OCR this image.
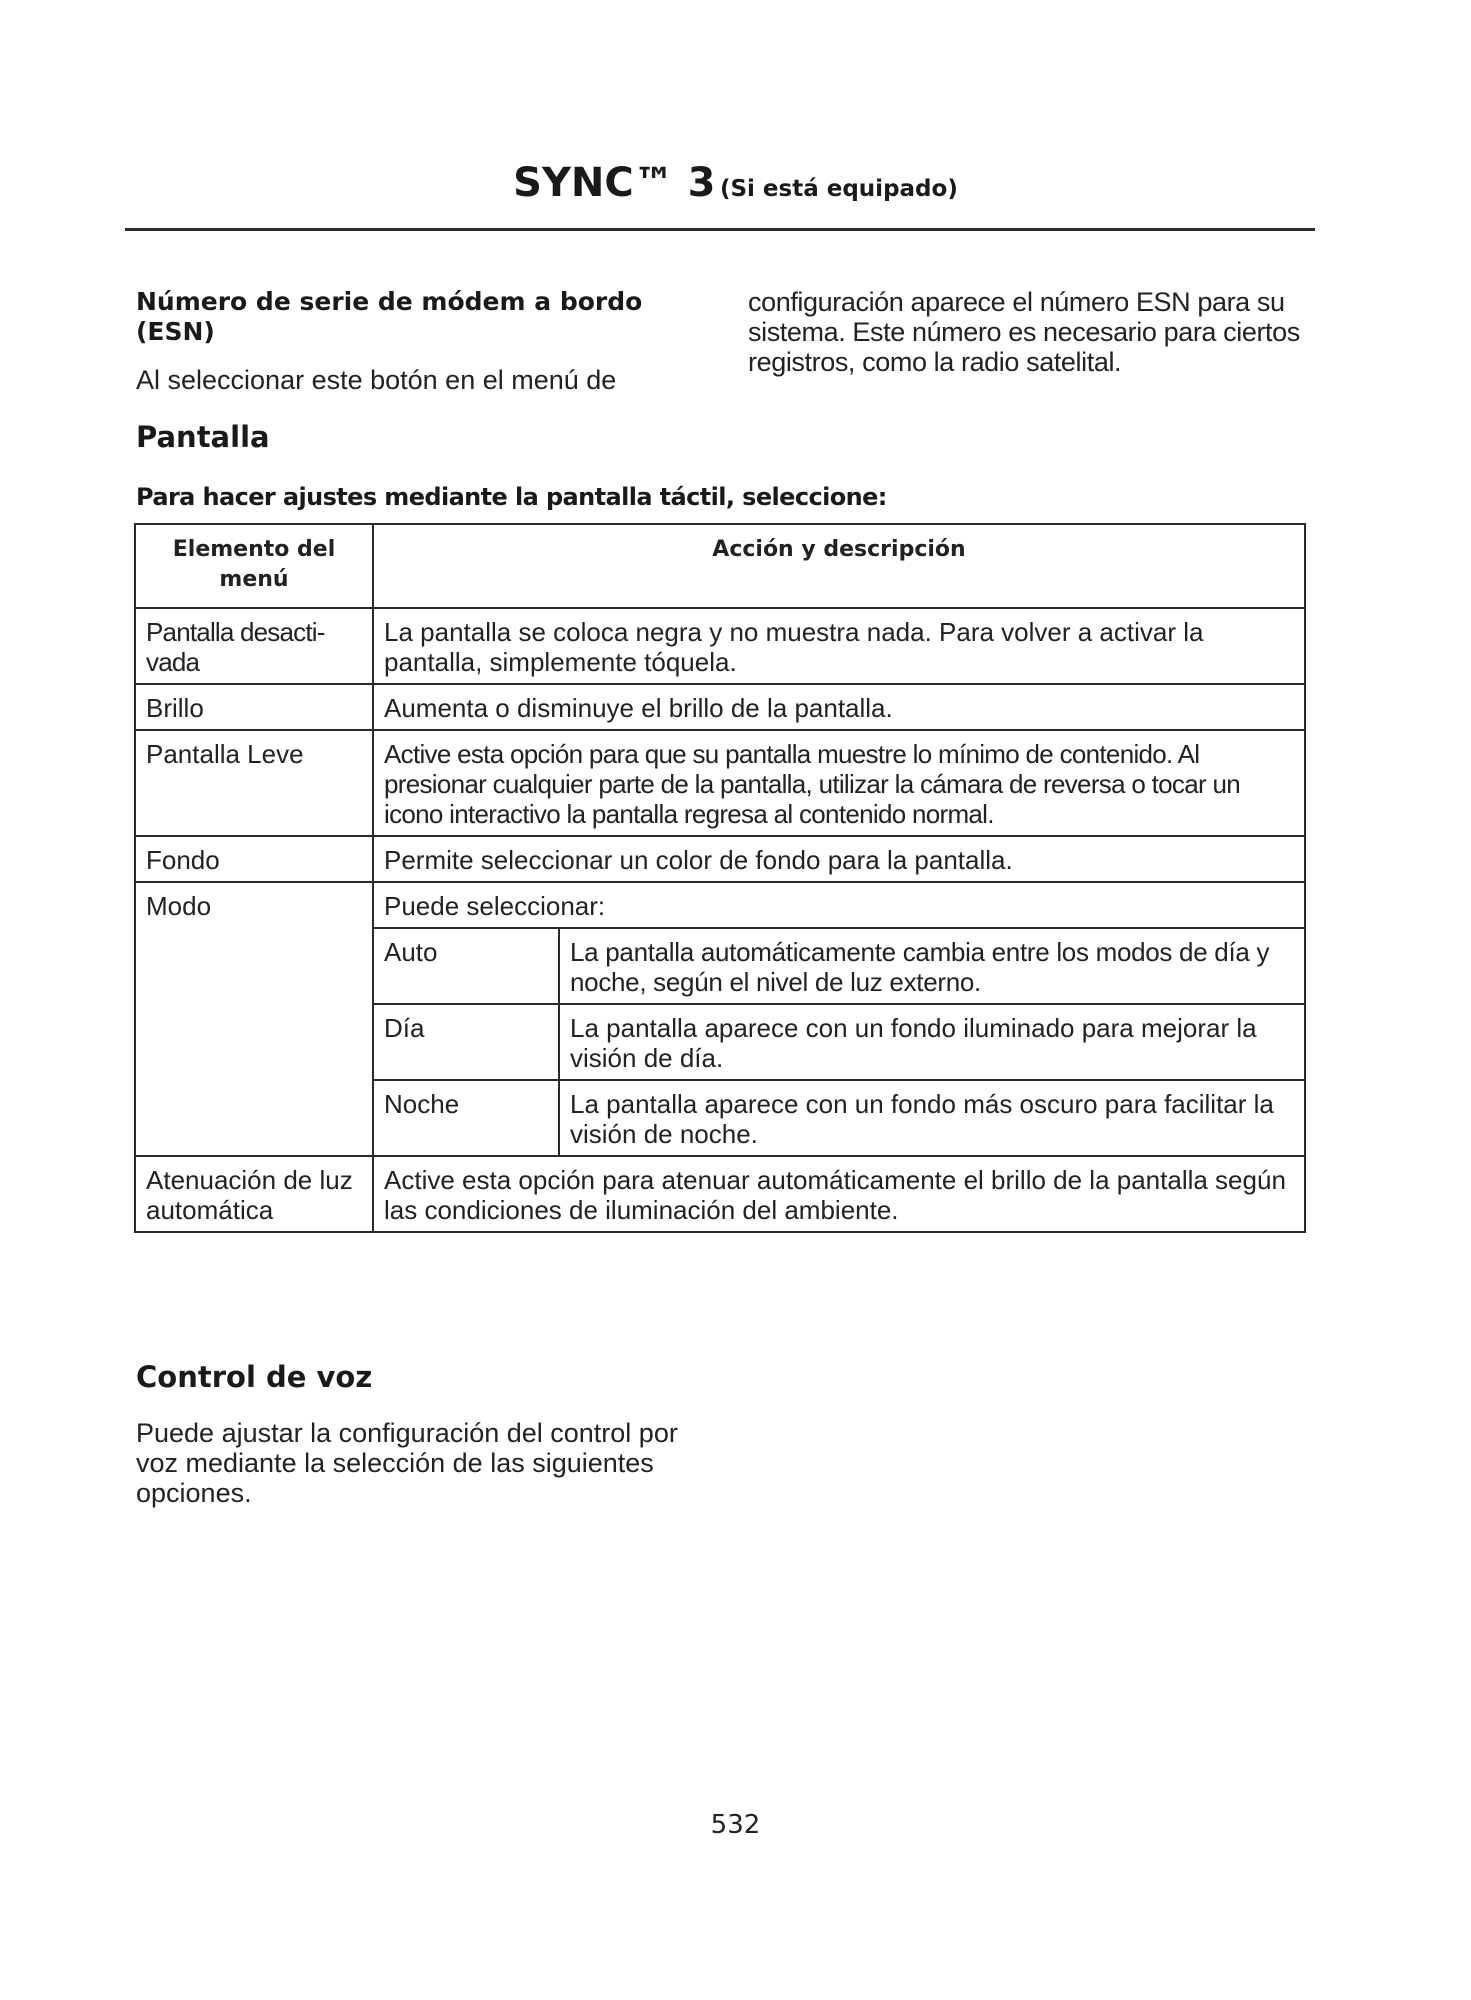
SYNC™ 3 (Si está equipado)
Número de serie de módem a bordo (ESN)
Al seleccionar este botón en el menú de
configuración aparece el número ESN para su sistema. Este número es necesario para ciertos registros, como la radio satelital.
Pantalla
Para hacer ajustes mediante la pantalla táctil, seleccione:
Elemento del menú	Acción y descripción	
Pantalla desacti-vada	La pantalla se coloca negra y no muestra nada. Para volver a activar la pantalla, simplemente tóquela.	
Brillo	Aumenta o disminuye el brillo de la pantalla.	
Pantalla Leve	Active esta opción para que su pantalla muestre lo mínimo de contenido. Al presionar cualquier parte de la pantalla, utilizar la cámara de reversa o tocar un icono interactivo la pantalla regresa al contenido normal.	
Fondo	Permite seleccionar un color de fondo para la pantalla.	
Modo	Puede seleccionar:	
	Auto	La pantalla automáticamente cambia entre los modos de día y noche, según el nivel de luz externo.
	Día	La pantalla aparece con un fondo iluminado para mejorar la visión de día.
	Noche	La pantalla aparece con un fondo más oscuro para facilitar la visión de noche.
Atenuación de luz automática	Active esta opción para atenuar automáticamente el brillo de la pantalla según las condiciones de iluminación del ambiente.	
Control de voz
Puede ajustar la configuración del control por voz mediante la selección de las siguientes opciones.
532
